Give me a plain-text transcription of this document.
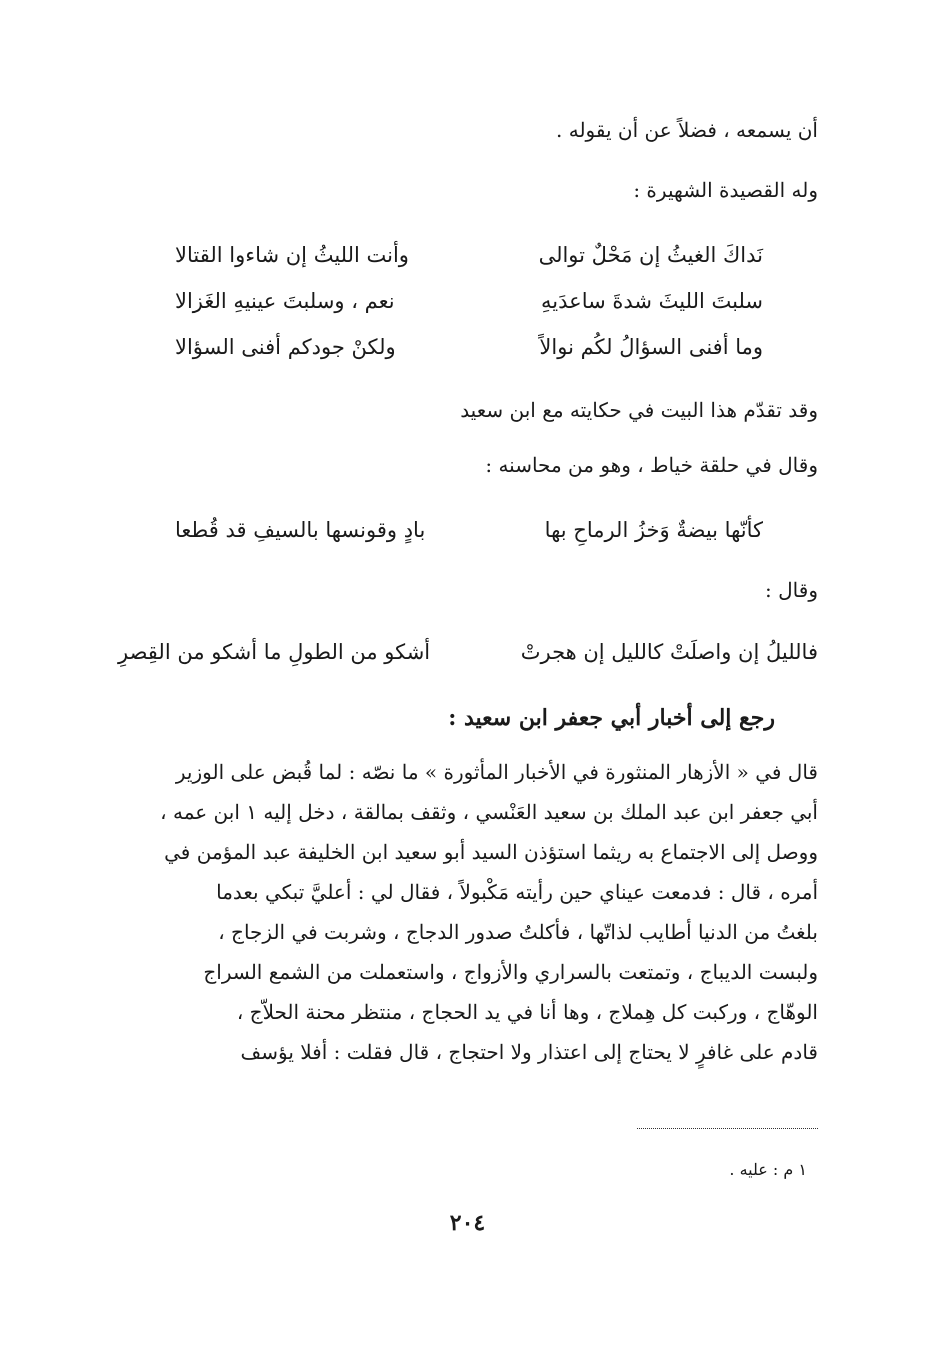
أن يسمعه ، فضلاً عن أن يقوله .
وله القصيدة الشهيرة :
نَداكَ الغيثُ إن مَحْلٌ توالى
وأنت الليثُ إن شاءوا القتالا
سلبتَ الليثَ شدةَ ساعدَيهِ
نعم ، وسلبتَ عينيهِ الغَزالا
وما أفنى السؤالُ لكُم نوالاً
ولكنْ جودكم أفنى السؤالا
وقد تقدّم هذا البيت في حكايته مع ابن سعيد
وقال في حلقة خياط ، وهو من محاسنه :
كأنّها بيضةٌ وَخزُ الرماحِ بها
بادٍ وقونسها بالسيفِ قد قُطعا
وقال :
فالليلُ إن واصلَتْ كالليل إن هجرتْ
أشكو من الطولِ ما أشكو من القِصرِ
رجع إلى أخبار أبي جعفر ابن سعيد :

قال في « الأزهار المنثورة في الأخبار المأثورة » ما نصّه : لما قُبض على الوزير

أبي جعفر ابن عبد الملك بن سعيد العَنْسي ، وثقف بمالقة ، دخل إليه ١ ابن عمه ،

ووصل إلى الاجتماع به ريثما استؤذن السيد أبو سعيد ابن الخليفة عبد المؤمن في

أمره ، قال : فدمعت عيناي حين رأيته مَكْبولاً ، فقال لي : أعليَّ تبكي بعدما

بلغتُ من الدنيا أطايب لذاتّها ، فأكلتُ صدور الدجاج ، وشربت في الزجاج ،

ولبست الديباج ، وتمتعت بالسراري والأزواج ، واستعملت من الشمع السراج

الوهّاج ، وركبت كل هِملاج ، وها أنا في يد الحجاج ، منتظر محنة الحلاّج ،

قادم على غافرٍ لا يحتاج إلى اعتذار ولا احتجاج ، قال فقلت : أفلا يؤسف

١ م : عليه .
٢٠٤
